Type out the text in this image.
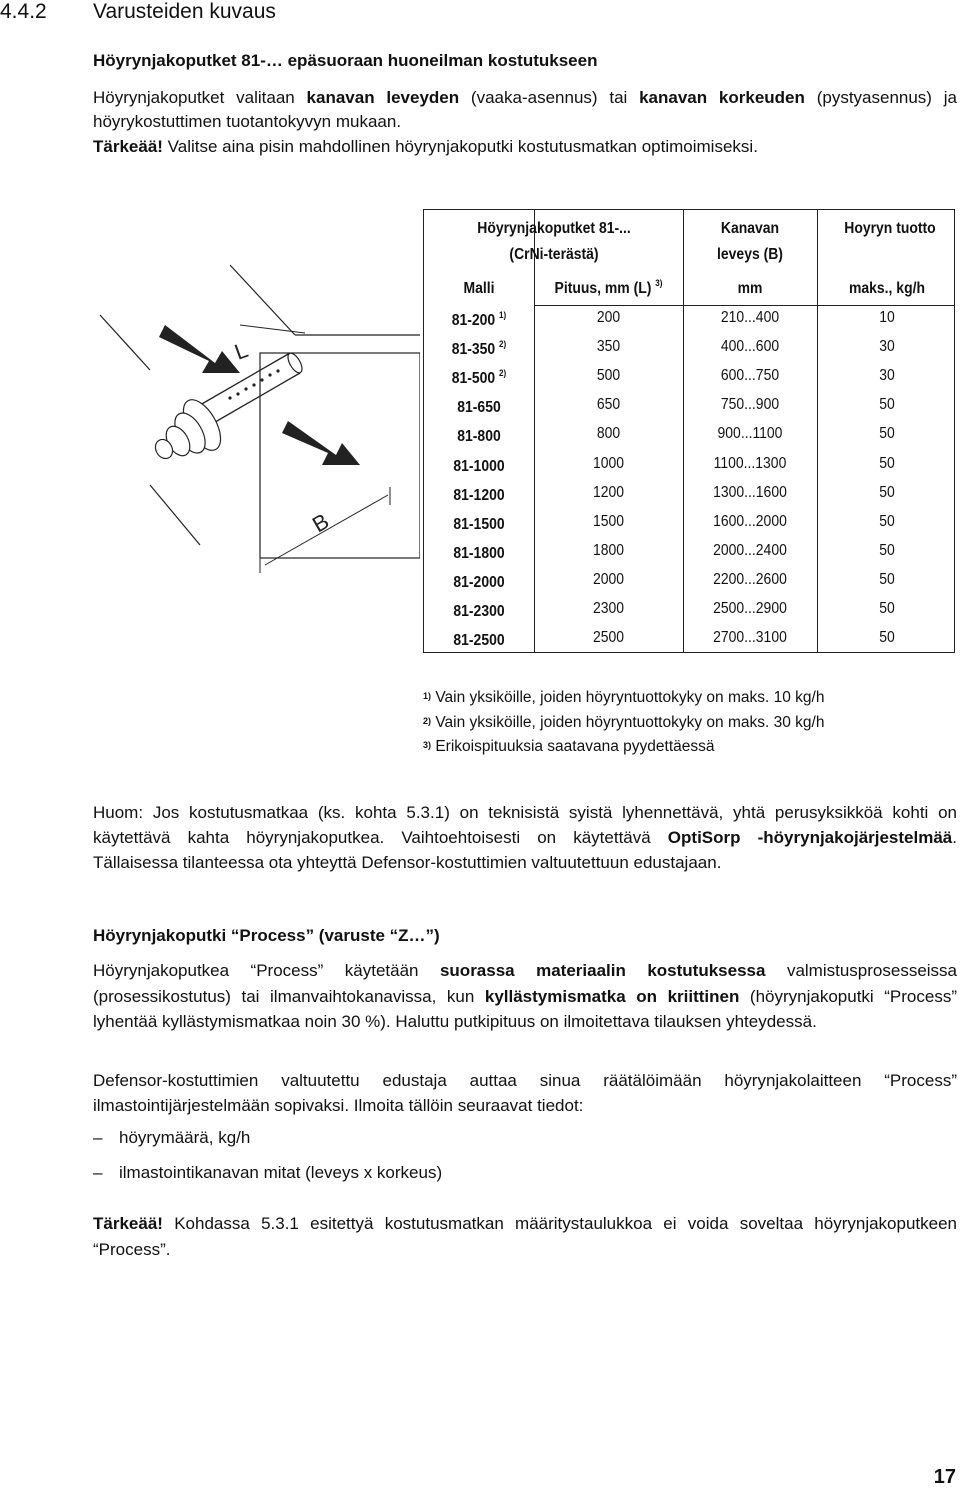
4.4.2 Varusteiden kuvaus
Höyrynjakoputket 81-… epäsuoraan huoneilman kostutukseen

Höyrynjakoputket valitaan kanavan leveyden (vaaka-asennus) tai kanavan korkeuden (pystyasennus) ja höyrykostuttimen tuotantokyvyn mukaan.

Tärkeää! Valitse aina pisin mahdollinen höyrynjakoputki kostutusmatkan optimoimiseksi.

L
B
Höyrynjakoputket 81-...
(CrNi-terästä)
Kanavan
leveys (B)
Hoyryn tuotto
Malli	Pituus, mm (L) $^{3)}$	mm	maks., kg/h
81-200 $^{1)}$	200	210...400	10
81-350 $^{2)}$	350	400...600	30
81-500 $^{2)}$	500	600...750	30
81-650	650	750...900	50
81-800	800	900...1100	50
81-1000	1000	1100...1300	50
81-1200	1200	1300...1600	50
81-1500	1500	1600...2000	50
81-1800	1800	2000...2400	50
81-2000	2000	2200...2600	50
81-2300	2300	2500...2900	50
81-2500	2500	2700...3100	50
$^{1)}$ Vain yksiköille, joiden höyryntuottokyky on maks. 10 kg/h
$^{2)}$ Vain yksiköille, joiden höyryntuottokyky on maks. 30 kg/h
$^{3)}$ Erikoispituuksia saatavana pyydettäessä

Huom: Jos kostutusmatkaa (ks. kohta 5.3.1) on teknisistä syistä lyhennettävä, yhtä perusyksikköä kohti on käytettävä kahta höyrynjakoputkea. Vaihtoehtoisesti on käytettävä OptiSorp -höyrynjakojärjestelmää. Tällaisessa tilanteessa ota yhteyttä Defensor-kostuttimien valtuutettuun edustajaan.

Höyrynjakoputki “Process” (varuste “Z…”)

Höyrynjakoputkea “Process” käytetään suorassa materiaalin kostutuksessa valmistusprosesseissa (prosessikostutus) tai ilmanvaihtokanavissa, kun kyllästymismatka on kriittinen (höyrynjakoputki “Process” lyhentää kyllästymismatkaa noin 30 %). Haluttu putkipituus on ilmoitettava tilauksen yhteydessä.

Defensor-kostuttimien valtuutettu edustaja auttaa sinua räätälöimään höyrynjakolaitteen “Process” ilmastointijärjestelmään sopivaksi. Ilmoita tällöin seuraavat tiedot:

– höyrymäärä, kg/h
– ilmastointikanavan mitat (leveys x korkeus)

Tärkeää! Kohdassa 5.3.1 esitettyä kostutusmatkan määritystaulukkoa ei voida soveltaa höyrynjakoputkeen “Process”.

17
